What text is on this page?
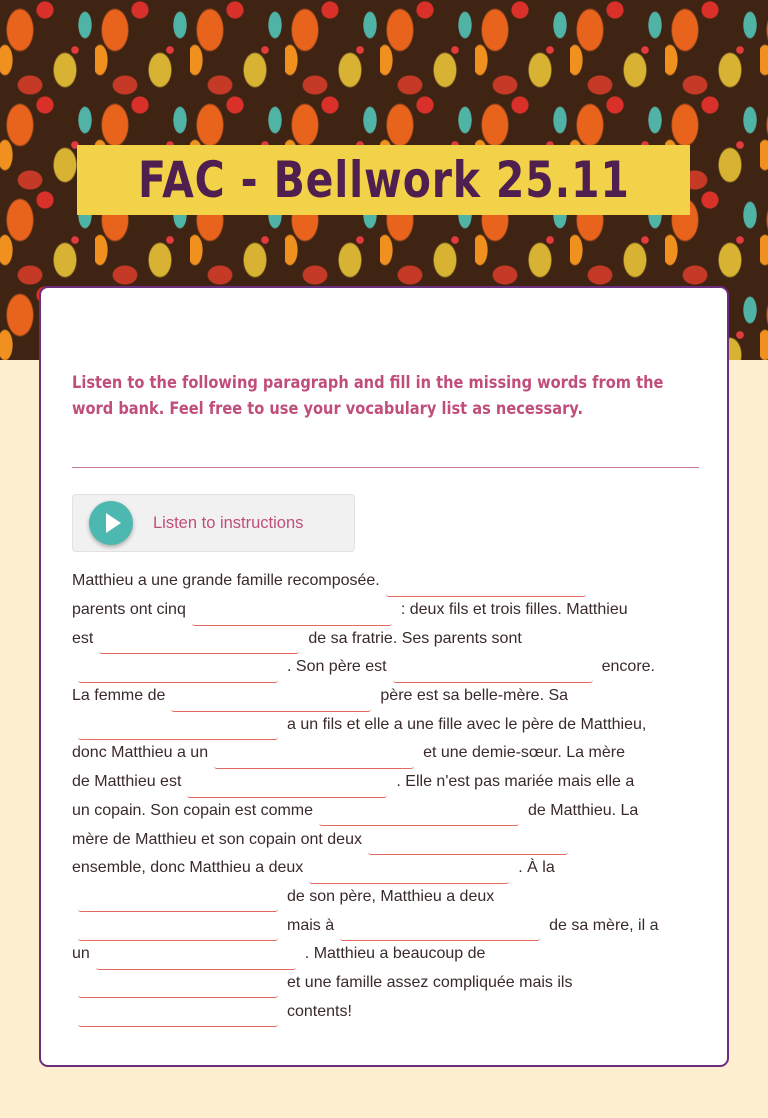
FAC - Bellwork 25.11
Listen to the following paragraph and fill in the missing words from the word bank. Feel free to use your vocabulary list as necessary.
Listen to instructions
Matthieu a une grande famille recomposée.
parents ont cinq	: deux fils et trois filles. Matthieu
est	de sa fratrie. Ses parents sont
. Son père est	encore.
La femme de	père est sa belle-mère. Sa
a un fils et elle a une fille avec le père de Matthieu,
donc Matthieu a un	et une demie-sœur. La mère
de Matthieu est	. Elle n'est pas mariée mais elle a
un copain. Son copain est comme	de Matthieu. La
mère de Matthieu et son copain ont deux
ensemble, donc Matthieu a deux	. À la
de son père, Matthieu a deux
mais à	de sa mère, il a
un	. Matthieu a beaucoup de
et une famille assez compliquée mais ils
contents!
